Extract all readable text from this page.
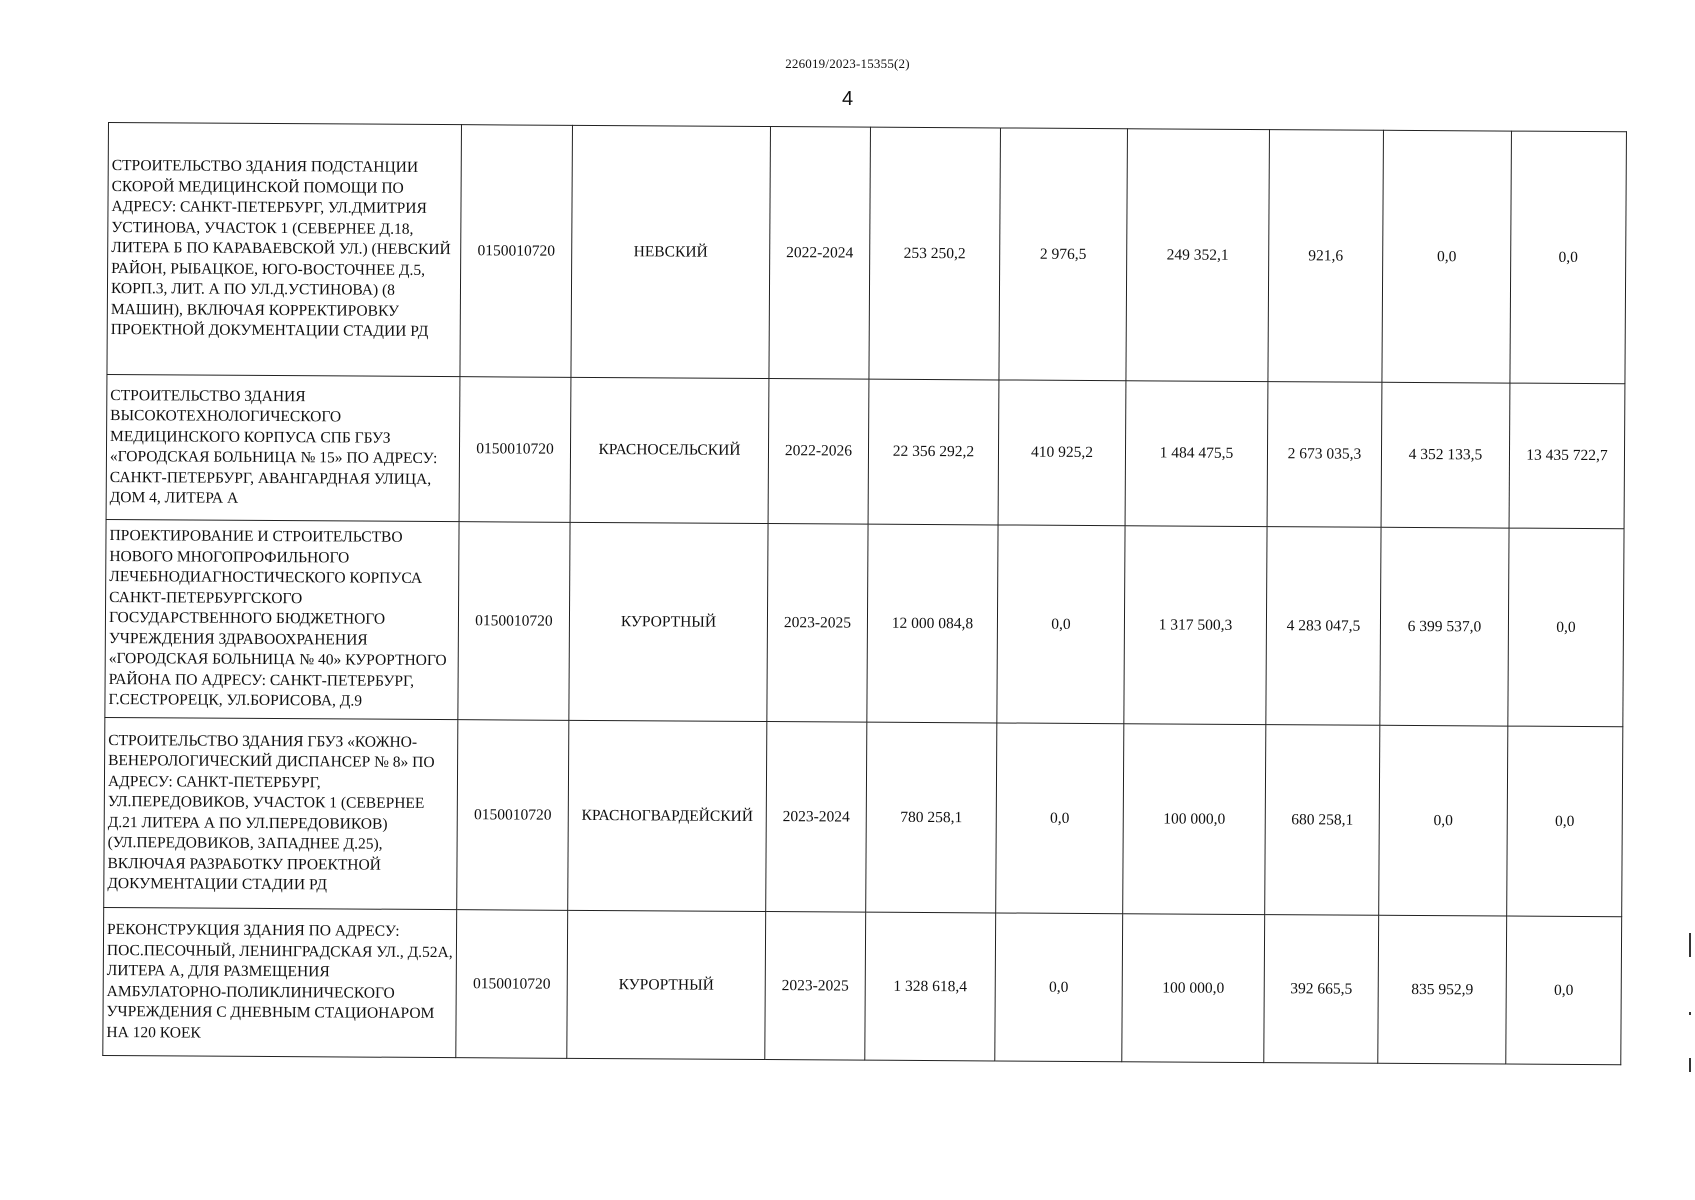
226019/2023-15355(2)
4
СТРОИТЕЛЬСТВО ЗДАНИЯ ПОДСТАНЦИИ СКОРОЙ МЕДИЦИНСКОЙ ПОМОЩИ ПО АДРЕСУ: САНКТ-ПЕТЕРБУРГ, УЛ.ДМИТРИЯ УСТИНОВА, УЧАСТОК 1 (СЕВЕРНЕЕ Д.18, ЛИТЕРА Б ПО КАРАВАЕВСКОЙ УЛ.) (НЕВСКИЙ РАЙОН, РЫБАЦКОЕ, ЮГО-ВОСТОЧНЕЕ Д.5, КОРП.3, ЛИТ. А ПО УЛ.Д.УСТИНОВА) (8 МАШИН), ВКЛЮЧАЯ КОРРЕКТИРОВКУ ПРОЕКТНОЙ ДОКУМЕНТАЦИИ СТАДИИ РД	0150010720	НЕВСКИЙ	2022-2024	253 250,2	2 976,5	249 352,1	921,6	0,0	0,0
СТРОИТЕЛЬСТВО ЗДАНИЯ ВЫСОКОТЕХНОЛОГИЧЕСКОГО МЕДИЦИНСКОГО КОРПУСА СПБ ГБУЗ «ГОРОДСКАЯ БОЛЬНИЦА № 15» ПО АДРЕСУ: САНКТ-ПЕТЕРБУРГ, АВАНГАРДНАЯ УЛИЦА, ДОМ 4, ЛИТЕРА А	0150010720	КРАСНОСЕЛЬСКИЙ	2022-2026	22 356 292,2	410 925,2	1 484 475,5	2 673 035,3	4 352 133,5	13 435 722,7
ПРОЕКТИРОВАНИЕ И СТРОИТЕЛЬСТВО НОВОГО МНОГОПРОФИЛЬНОГО ЛЕЧЕБНОДИАГНОСТИЧЕСКОГО КОРПУСА САНКТ-ПЕТЕРБУРГСКОГО ГОСУДАРСТВЕННОГО БЮДЖЕТНОГО УЧРЕЖДЕНИЯ ЗДРАВООХРАНЕНИЯ «ГОРОДСКАЯ БОЛЬНИЦА № 40» КУРОРТНОГО РАЙОНА ПО АДРЕСУ: САНКТ-ПЕТЕРБУРГ, Г.СЕСТРОРЕЦК, УЛ.БОРИСОВА, Д.9	0150010720	КУРОРТНЫЙ	2023-2025	12 000 084,8	0,0	1 317 500,3	4 283 047,5	6 399 537,0	0,0
СТРОИТЕЛЬСТВО ЗДАНИЯ ГБУЗ «КОЖНО-ВЕНЕРОЛОГИЧЕСКИЙ ДИСПАНСЕР № 8» ПО АДРЕСУ: САНКТ-ПЕТЕРБУРГ, УЛ.ПЕРЕДОВИКОВ, УЧАСТОК 1 (СЕВЕРНЕЕ Д.21 ЛИТЕРА А ПО УЛ.ПЕРЕДОВИКОВ) (УЛ.ПЕРЕДОВИКОВ, ЗАПАДНЕЕ Д.25), ВКЛЮЧАЯ РАЗРАБОТКУ ПРОЕКТНОЙ ДОКУМЕНТАЦИИ СТАДИИ РД	0150010720	КРАСНОГВАРДЕЙСКИЙ	2023-2024	780 258,1	0,0	100 000,0	680 258,1	0,0	0,0
РЕКОНСТРУКЦИЯ ЗДАНИЯ ПО АДРЕСУ: ПОС.ПЕСОЧНЫЙ, ЛЕНИНГРАДСКАЯ УЛ., Д.52А, ЛИТЕРА А, ДЛЯ РАЗМЕЩЕНИЯ АМБУЛАТОРНО-ПОЛИКЛИНИЧЕСКОГО УЧРЕЖДЕНИЯ С ДНЕВНЫМ СТАЦИОНАРОМ НА 120 КОЕК	0150010720	КУРОРТНЫЙ	2023-2025	1 328 618,4	0,0	100 000,0	392 665,5	835 952,9	0,0
